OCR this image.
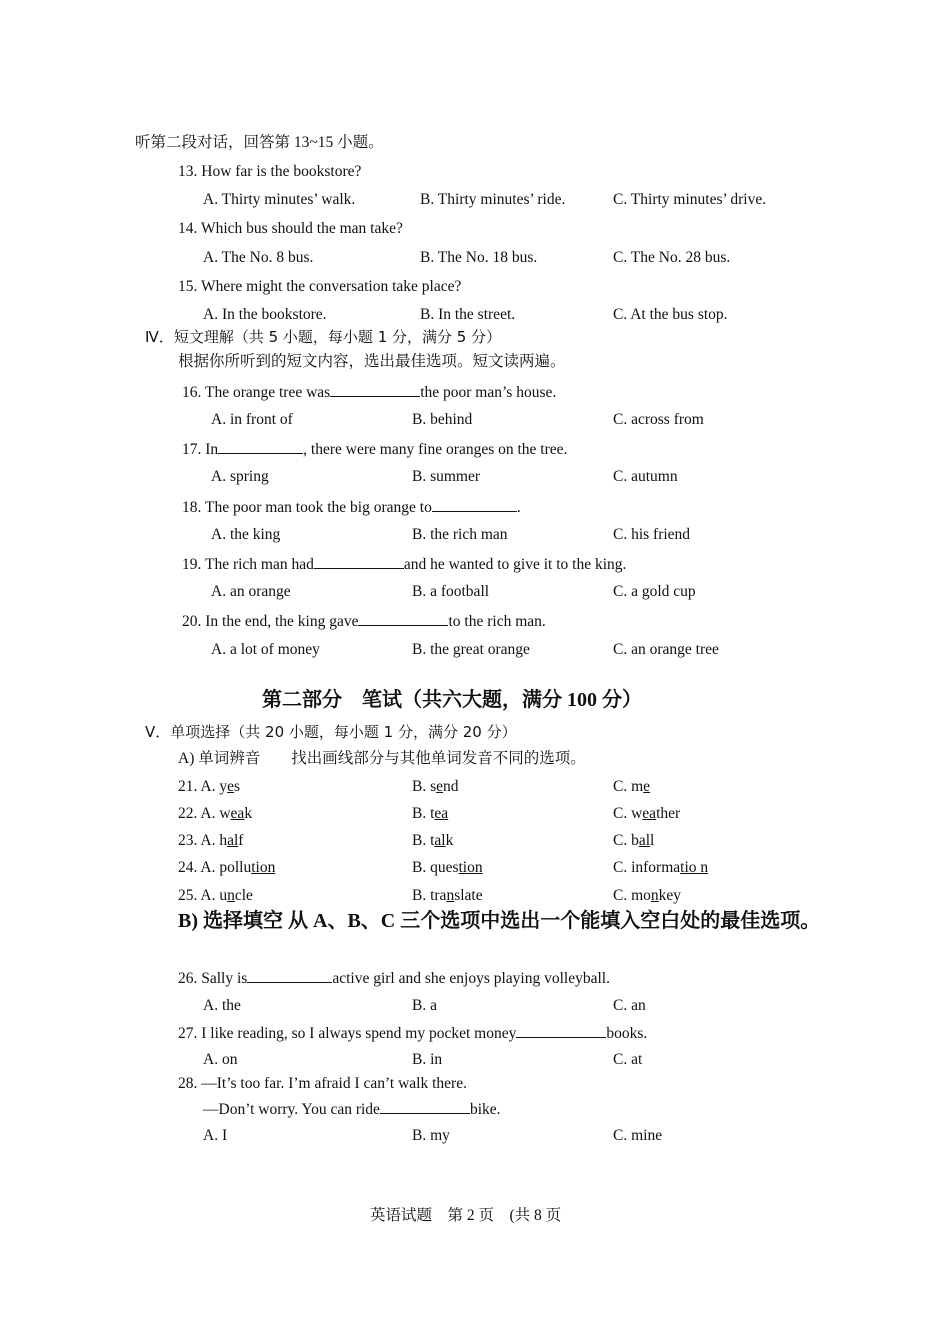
听第二段对话，回答第 13~15 小题。
13. How far is the bookstore?
A. Thirty minutes’ walk.	B. Thirty minutes’ ride.	C. Thirty minutes’ drive.
14. Which bus should the man take?
A. The No. 8 bus.	B. The No. 18 bus.	C. The No. 28 bus.
15. Where might the conversation take place?
A. In the bookstore.	B. In the street.	C. At the bus stop.
Ⅳ．短文理解（共 5 小题，每小题 1 分，满分 5 分）
根据你所听到的短文内容，选出最佳选项。短文读两遍。
16. The orange tree was	the poor man’s house.
A. in front of	B. behind	C. across from
17. In	, there were many fine oranges on the tree.
A. spring	B. summer	C. autumn
18. The poor man took the big orange to	.
A. the king	B. the rich man	C. his friend
19. The rich man had	and he wanted to give it to the king.
A. an orange	B. a football	C. a gold cup
20. In the end, the king gave	to the rich man.
A. a lot of money	B. the great orange	C. an orange tree
第二部分　笔试（共六大题，满分 100 分）
Ⅴ．单项选择（共 20 小题，每小题 1 分，满分 20 分）
A) 单词辨音　　找出画线部分与其他单词发音不同的选项。
21. A. yes	B. send	C. me
22. A. weak	B. tea	C. weather
23. A. half	B. talk	C. ball
24. A. pollution	B. question	C. informatio n
25. A. uncle	B. translate	C. monkey
B) 选择填空 从 A、B、C 三个选项中选出一个能填入空白处的最佳选项。
26. Sally is	active girl and she enjoys playing volleyball.
A. the	B. a	C. an
27. I like reading, so I always spend my pocket money	books.
A. on	B. in	C. at
28. —It’s too far. I’m afraid I can’t walk there.
—Don’t worry. You can ride	bike.
A. I	B. my	C. mine
英语试题　第 2 页　(共 8 页
